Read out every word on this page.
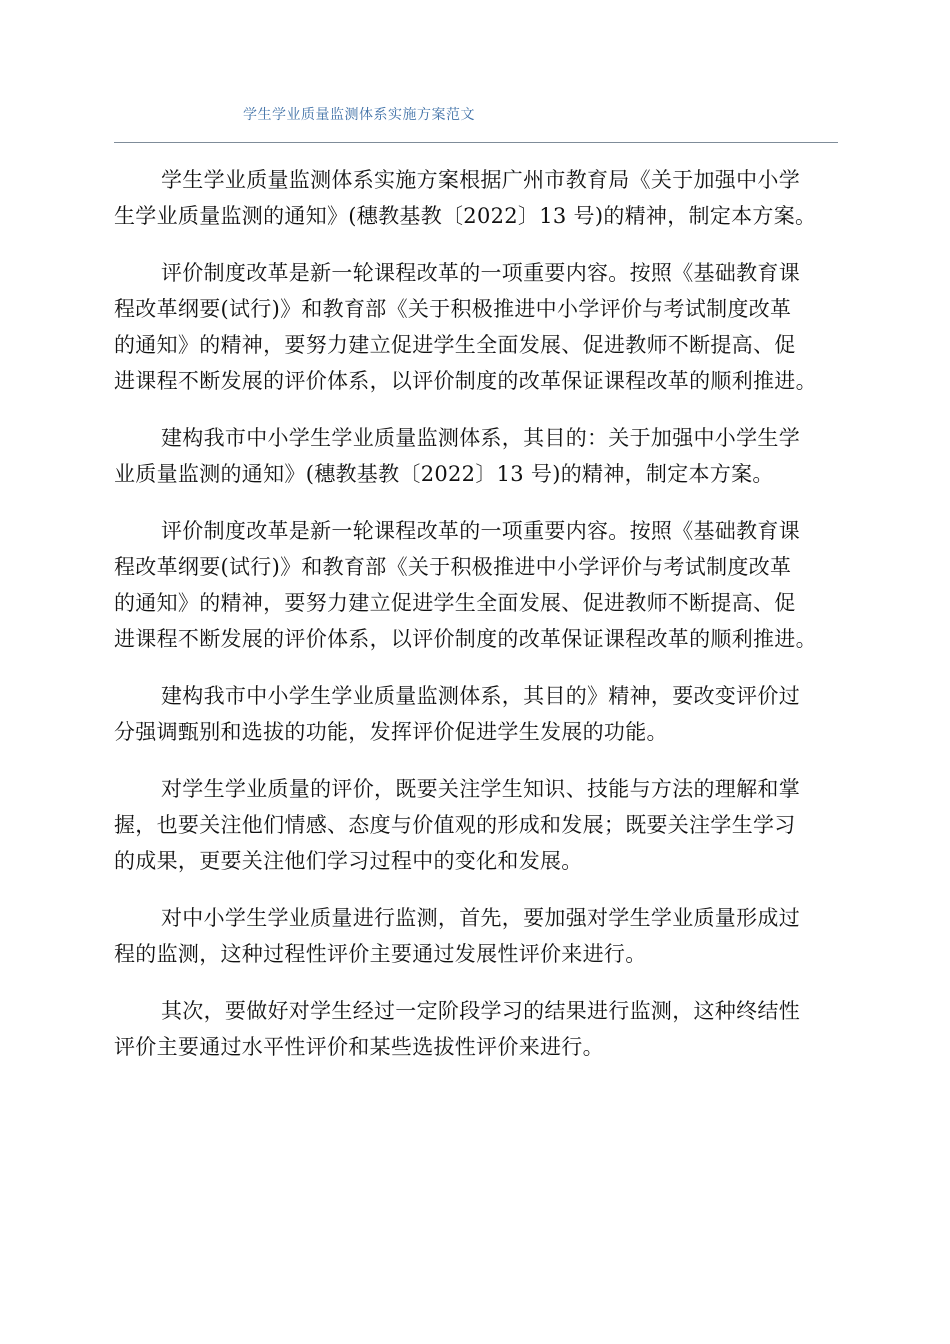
学生学业质量监测体系实施方案范文

学生学业质量监测体系实施方案根据广州市教育局《关于加强中小学
生学业质量监测的通知》(穗教基教〔2022〕13 号)的精神，制定本方案。

评价制度改革是新一轮课程改革的一项重要内容。按照《基础教育课
程改革纲要(试行)》和教育部《关于积极推进中小学评价与考试制度改革
的通知》的精神，要努力建立促进学生全面发展、促进教师不断提高、促
进课程不断发展的评价体系，以评价制度的改革保证课程改革的顺利推进。

建构我市中小学生学业质量监测体系，其目的：关于加强中小学生学
业质量监测的通知》(穗教基教〔2022〕13 号)的精神，制定本方案。

评价制度改革是新一轮课程改革的一项重要内容。按照《基础教育课
程改革纲要(试行)》和教育部《关于积极推进中小学评价与考试制度改革
的通知》的精神，要努力建立促进学生全面发展、促进教师不断提高、促
进课程不断发展的评价体系，以评价制度的改革保证课程改革的顺利推进。

建构我市中小学生学业质量监测体系，其目的》精神，要改变评价过
分强调甄别和选拔的功能，发挥评价促进学生发展的功能。

对学生学业质量的评价，既要关注学生知识、技能与方法的理解和掌
握，也要关注他们情感、态度与价值观的形成和发展；既要关注学生学习
的成果，更要关注他们学习过程中的变化和发展。

对中小学生学业质量进行监测，首先，要加强对学生学业质量形成过
程的监测，这种过程性评价主要通过发展性评价来进行。

其次，要做好对学生经过一定阶段学习的结果进行监测，这种终结性
评价主要通过水平性评价和某些选拔性评价来进行。
